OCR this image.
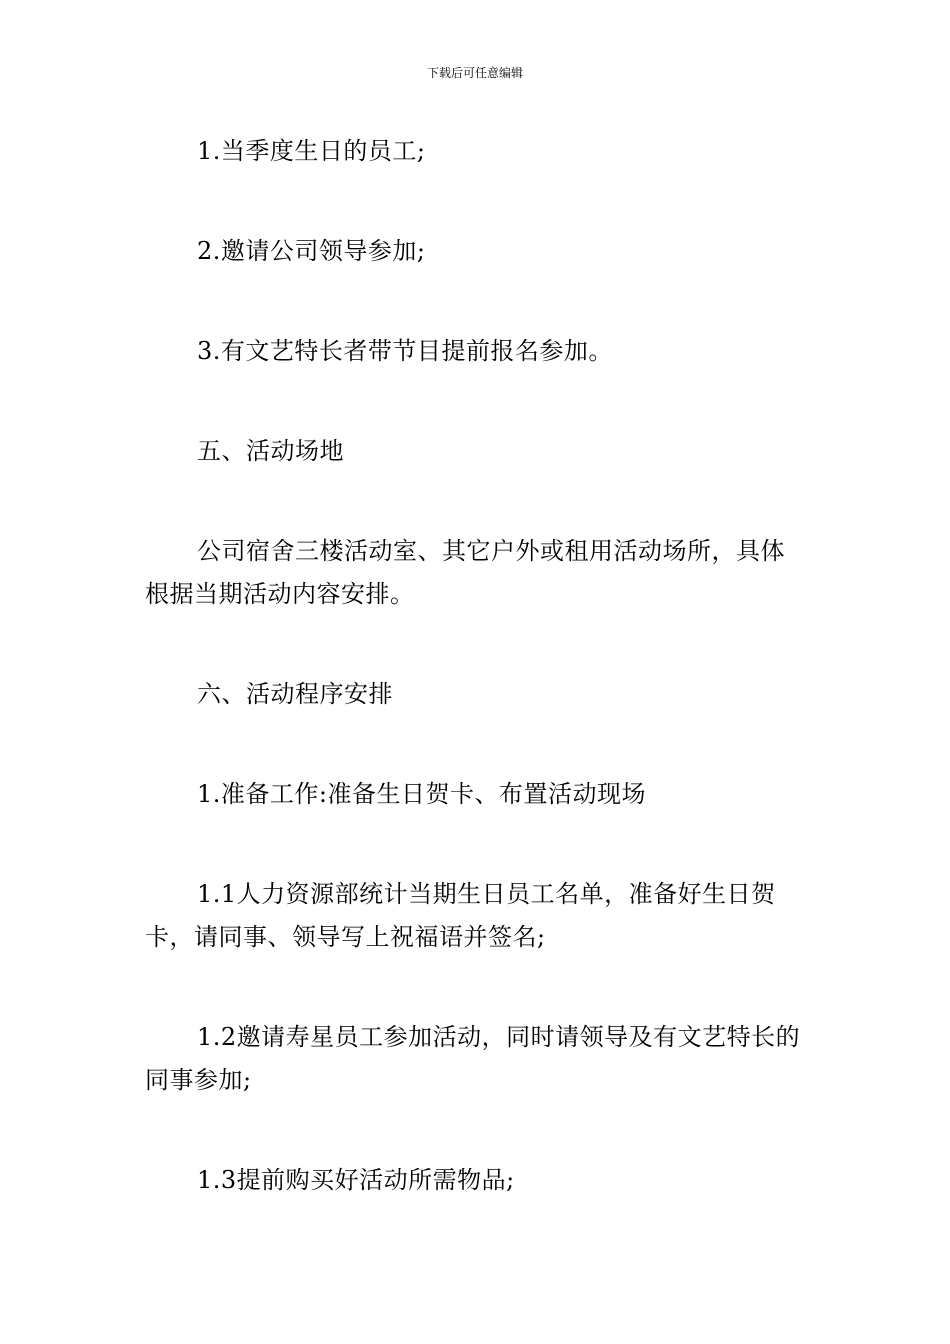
下载后可任意编辑

1.当季度生日的员工;

2.邀请公司领导参加;

3.有文艺特长者带节目提前报名参加。

五、活动场地

公司宿舍三楼活动室、其它户外或租用活动场所，具体根据当期活动内容安排。

六、活动程序安排

1.准备工作:准备生日贺卡、布置活动现场

1.1人力资源部统计当期生日员工名单，准备好生日贺卡，请同事、领导写上祝福语并签名;

1.2邀请寿星员工参加活动，同时请领导及有文艺特长的同事参加;

1.3提前购买好活动所需物品;
